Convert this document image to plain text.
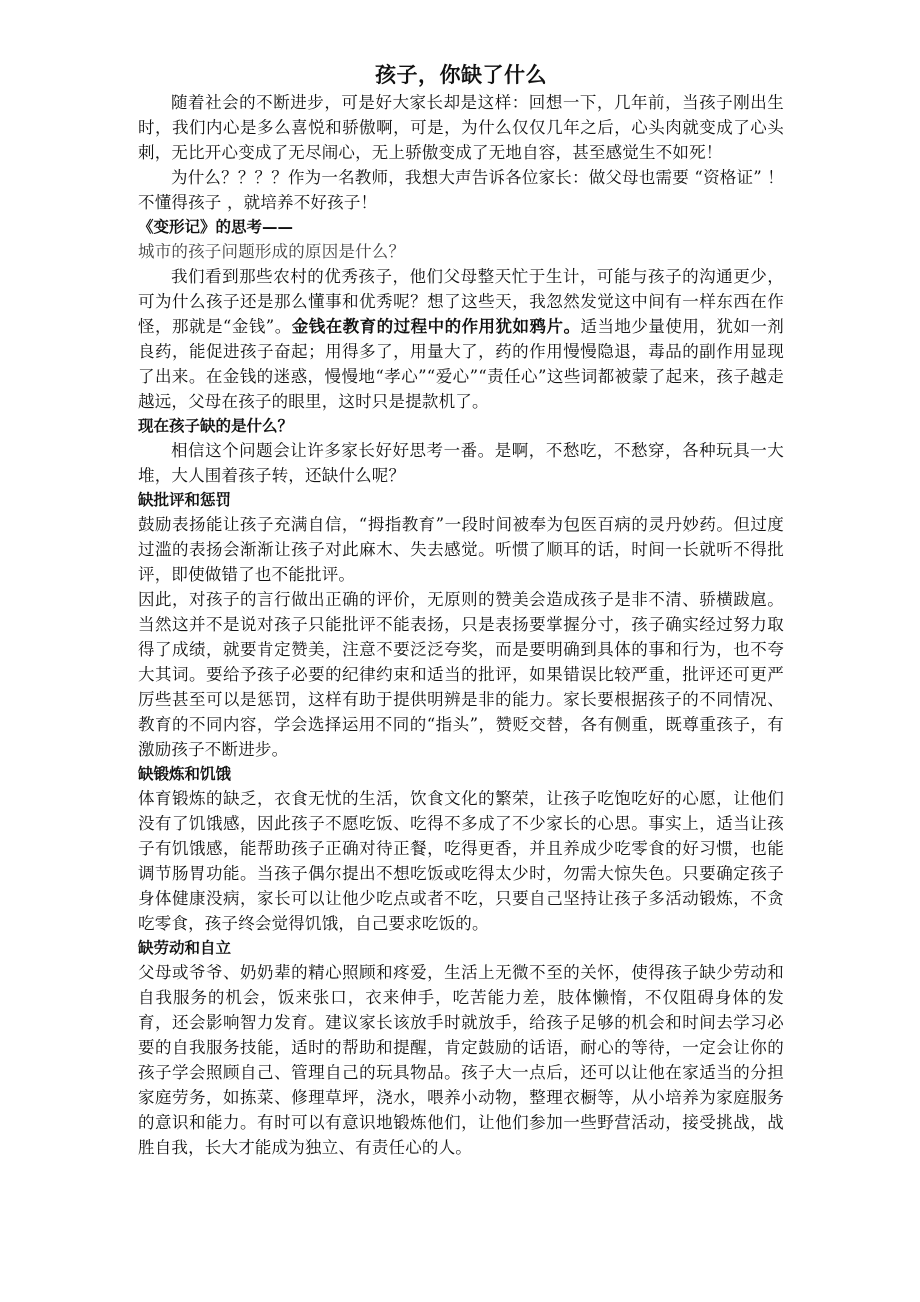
孩子，你缺了什么

随着社会的不断进步，可是好大家长却是这样：回想一下，几年前，当孩子刚出生时，我们内心是多么喜悦和骄傲啊，可是，为什么仅仅几年之后，心头肉就变成了心头刺，无比开心变成了无尽闹心，无上骄傲变成了无地自容，甚至感觉生不如死！

为什么？？？？作为一名教师，我想大声告诉各位家长：做父母也需要 “资格证” ！不懂得孩子 ，就培养不好孩子！

《变形记》的思考——

城市的孩子问题形成的原因是什么？

我们看到那些农村的优秀孩子，他们父母整天忙于生计，可能与孩子的沟通更少，可为什么孩子还是那么懂事和优秀呢？想了这些天，我忽然发觉这中间有一样东西在作怪，那就是“金钱”。金钱在教育的过程中的作用犹如鸦片。适当地少量使用，犹如一剂良药，能促进孩子奋起；用得多了，用量大了，药的作用慢慢隐退，毒品的副作用显现了出来。在金钱的迷惑，慢慢地“孝心”“爱心”“责任心”这些词都被蒙了起来，孩子越走越远，父母在孩子的眼里，这时只是提款机了。

现在孩子缺的是什么？

相信这个问题会让许多家长好好思考一番。是啊，不愁吃，不愁穿，各种玩具一大堆，大人围着孩子转，还缺什么呢？

缺批评和惩罚

鼓励表扬能让孩子充满自信，“拇指教育”一段时间被奉为包医百病的灵丹妙药。但过度过滥的表扬会渐渐让孩子对此麻木、失去感觉。听惯了顺耳的话，时间一长就听不得批评，即使做错了也不能批评。

因此，对孩子的言行做出正确的评价，无原则的赞美会造成孩子是非不清、骄横跋扈。当然这并不是说对孩子只能批评不能表扬，只是表扬要掌握分寸，孩子确实经过努力取得了成绩，就要肯定赞美，注意不要泛泛夸奖，而是要明确到具体的事和行为，也不夸大其词。要给予孩子必要的纪律约束和适当的批评，如果错误比较严重，批评还可更严厉些甚至可以是惩罚，这样有助于提供明辨是非的能力。家长要根据孩子的不同情况、教育的不同内容，学会选择运用不同的“指头”，赞贬交替，各有侧重，既尊重孩子，有激励孩子不断进步。

缺锻炼和饥饿

体育锻炼的缺乏，衣食无忧的生活，饮食文化的繁荣，让孩子吃饱吃好的心愿，让他们没有了饥饿感，因此孩子不愿吃饭、吃得不多成了不少家长的心思。事实上，适当让孩子有饥饿感，能帮助孩子正确对待正餐，吃得更香，并且养成少吃零食的好习惯，也能调节肠胃功能。当孩子偶尔提出不想吃饭或吃得太少时，勿需大惊失色。只要确定孩子身体健康没病，家长可以让他少吃点或者不吃，只要自己坚持让孩子多活动锻炼，不贪吃零食，孩子终会觉得饥饿，自己要求吃饭的。

缺劳动和自立

父母或爷爷、奶奶辈的精心照顾和疼爱，生活上无微不至的关怀，使得孩子缺少劳动和自我服务的机会，饭来张口，衣来伸手，吃苦能力差，肢体懒惰，不仅阻碍身体的发育，还会影响智力发育。建议家长该放手时就放手，给孩子足够的机会和时间去学习必要的自我服务技能，适时的帮助和提醒，肯定鼓励的话语，耐心的等待，一定会让你的孩子学会照顾自己、管理自己的玩具物品。孩子大一点后，还可以让他在家适当的分担家庭劳务，如拣菜、修理草坪，浇水，喂养小动物，整理衣橱等，从小培养为家庭服务的意识和能力。有时可以有意识地锻炼他们，让他们参加一些野营活动，接受挑战，战胜自我，长大才能成为独立、有责任心的人。
